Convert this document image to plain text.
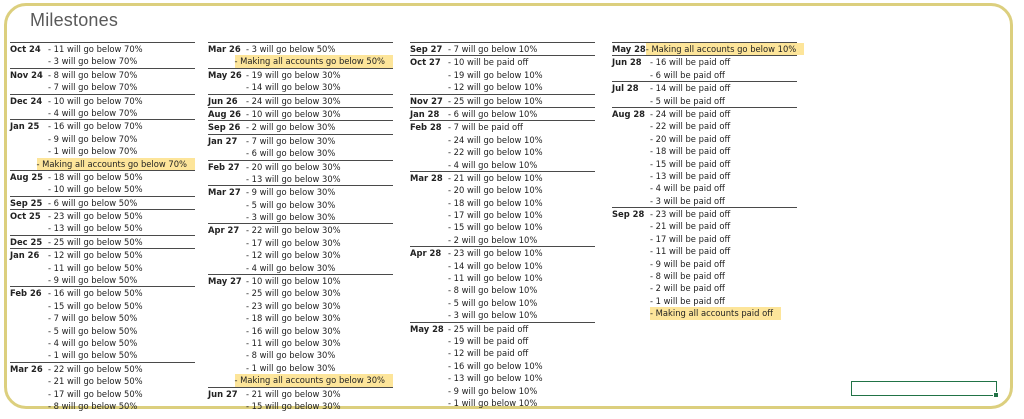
Milestones
Oct 24 - 11 will go below 70%
- 3 will go below 70%
Nov 24 - 8 will go below 70%
- 7 will go below 70%
Dec 24 - 10 will go below 70%
- 4 will go below 70%
Jan 25	- 16 will go below 70%
- 9 will go below 70%
- 1 will go below 70%
- Making all accounts go below 70%
Aug 25 - 18 will go below 50%
- 10 will go below 50%
Sep 25 - 6 will go below 50%
Oct 25 - 23 will go below 50%
- 13 will go below 50%
Dec 25 - 25 will go below 50%
Jan 26	- 12 will go below 50%
- 11 will go below 50%
- 9 will go below 50%
Feb 26 - 16 will go below 50%
- 15 will go below 50%
- 7 will go below 50%
- 5 will go below 50%
- 4 will go below 50%
- 1 will go below 50%
Mar 26 - 22 will go below 50%
- 21 will go below 50%
- 17 will go below 50%
- 8 will go below 50%
Mar 26 - 3 will go below 50%
- Making all accounts go below 50%
May 26 - 19 will go below 30%
- 14 will go below 30%
Jun 26 - 24 will go below 30%
Aug 26 - 10 will go below 30%
Sep 26 - 2 will go below 30%
Jan 27	- 7 will go below 30%
- 6 will go below 30%
Feb 27 - 20 will go below 30%
- 13 will go below 30%
Mar 27 - 9 will go below 30%
- 5 will go below 30%
- 3 will go below 30%
Apr 27 - 22 will go below 30%
- 17 will go below 30%
- 12 will go below 30%
- 4 will go below 30%
May 27 - 10 will go below 10%
- 25 will go below 30%
- 23 will go below 30%
- 18 will go below 30%
- 16 will go below 30%
- 11 will go below 30%
- 8 will go below 30%
- 1 will go below 30%
- Making all accounts go below 30%
Jun 27 - 21 will go below 30%
- 15 will go below 30%
Sep 27 - 7 will go below 10%
Oct 27 - 10 will be paid off
- 19 will go below 10%
- 12 will go below 10%
Nov 27 - 25 will go below 10%
Jan 28	- 6 will go below 10%
Feb 28 - 7 will be paid off
- 24 will go below 10%
- 22 will go below 10%
- 4 will go below 10%
Mar 28 - 21 will go below 10%
- 20 will go below 10%
- 18 will go below 10%
- 17 will go below 10%
- 15 will go below 10%
- 2 will go below 10%
Apr 28 - 23 will go below 10%
- 14 will go below 10%
- 11 will go below 10%
- 8 will go below 10%
- 5 will go below 10%
- 3 will go below 10%
May 28 - 25 will be paid off
- 19 will be paid off
- 12 will be paid off
- 16 will go below 10%
- 13 will go below 10%
- 9 will go below 10%
- 1 will go below 10%
May 28 - Making all accounts go below 10%
Jun 28 - 16 will be paid off
- 6 will be paid off
Jul 28	- 14 will be paid off
- 5 will be paid off
Aug 28 - 24 will be paid off
- 22 will be paid off
- 20 will be paid off
- 18 will be paid off
- 15 will be paid off
- 13 will be paid off
- 4 will be paid off
- 3 will be paid off
Sep 28 - 23 will be paid off
- 21 will be paid off
- 17 will be paid off
- 11 will be paid off
- 9 will be paid off
- 8 will be paid off
- 2 will be paid off
- 1 will be paid off
- Making all accounts paid off
